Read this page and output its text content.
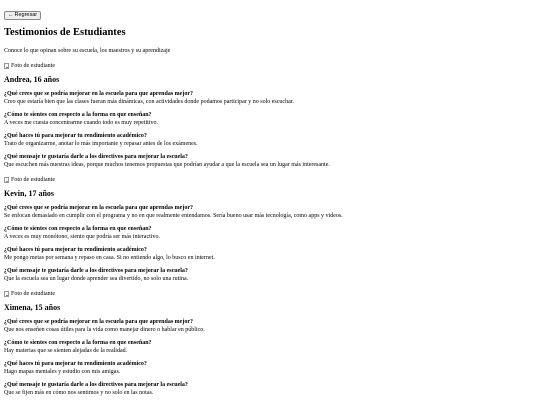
← Regresar
Testimonios de Estudiantes
Conoce lo que opinan sobre su escuela, los maestros y su aprendizaje
Foto de estudiante
Andrea, 16 años
¿Qué crees que se podría mejorar en la escuela para que aprendas mejor?
Creo que estaría bien que las clases fueran más dinámicas, con actividades donde podamos participar y no solo escuchar.
¿Cómo te sientes con respecto a la forma en que enseñan?
A veces me cuesta concentrarme cuando todo es muy repetitivo.
¿Qué haces tú para mejorar tu rendimiento académico?
Trato de organizarme, anotar lo más importante y repasar antes de los exámenes.
¿Qué mensaje te gustaría darle a los directivos para mejorar la escuela?
Que escuchen más nuestras ideas, porque muchos tenemos propuestas que podrían ayudar a que la escuela sea un lugar más interesante.
Foto de estudiante
Kevin, 17 años
¿Qué crees que se podría mejorar en la escuela para que aprendas mejor?
Se enfocan demasiado en cumplir con el programa y no en que realmente entendamos. Sería bueno usar más tecnología, como apps y videos.
¿Cómo te sientes con respecto a la forma en que enseñan?
A veces es muy monótono, siento que podría ser más interactivo.
¿Qué haces tú para mejorar tu rendimiento académico?
Me pongo metas por semana y repaso en casa. Si no entiendo algo, lo busco en internet.
¿Qué mensaje te gustaría darle a los directivos para mejorar la escuela?
Que la escuela sea un lugar donde aprender sea divertido, no solo una rutina.
Foto de estudiante
Ximena, 15 años
¿Qué crees que se podría mejorar en la escuela para que aprendas mejor?
Que nos enseñen cosas útiles para la vida como manejar dinero o hablar en público.
¿Cómo te sientes con respecto a la forma en que enseñan?
Hay materias que se sienten alejadas de la realidad.
¿Qué haces tú para mejorar tu rendimiento académico?
Hago mapas mentales y estudio con mis amigas.
¿Qué mensaje te gustaría darle a los directivos para mejorar la escuela?
Que se fijen más en cómo nos sentimos y no solo en las notas.
